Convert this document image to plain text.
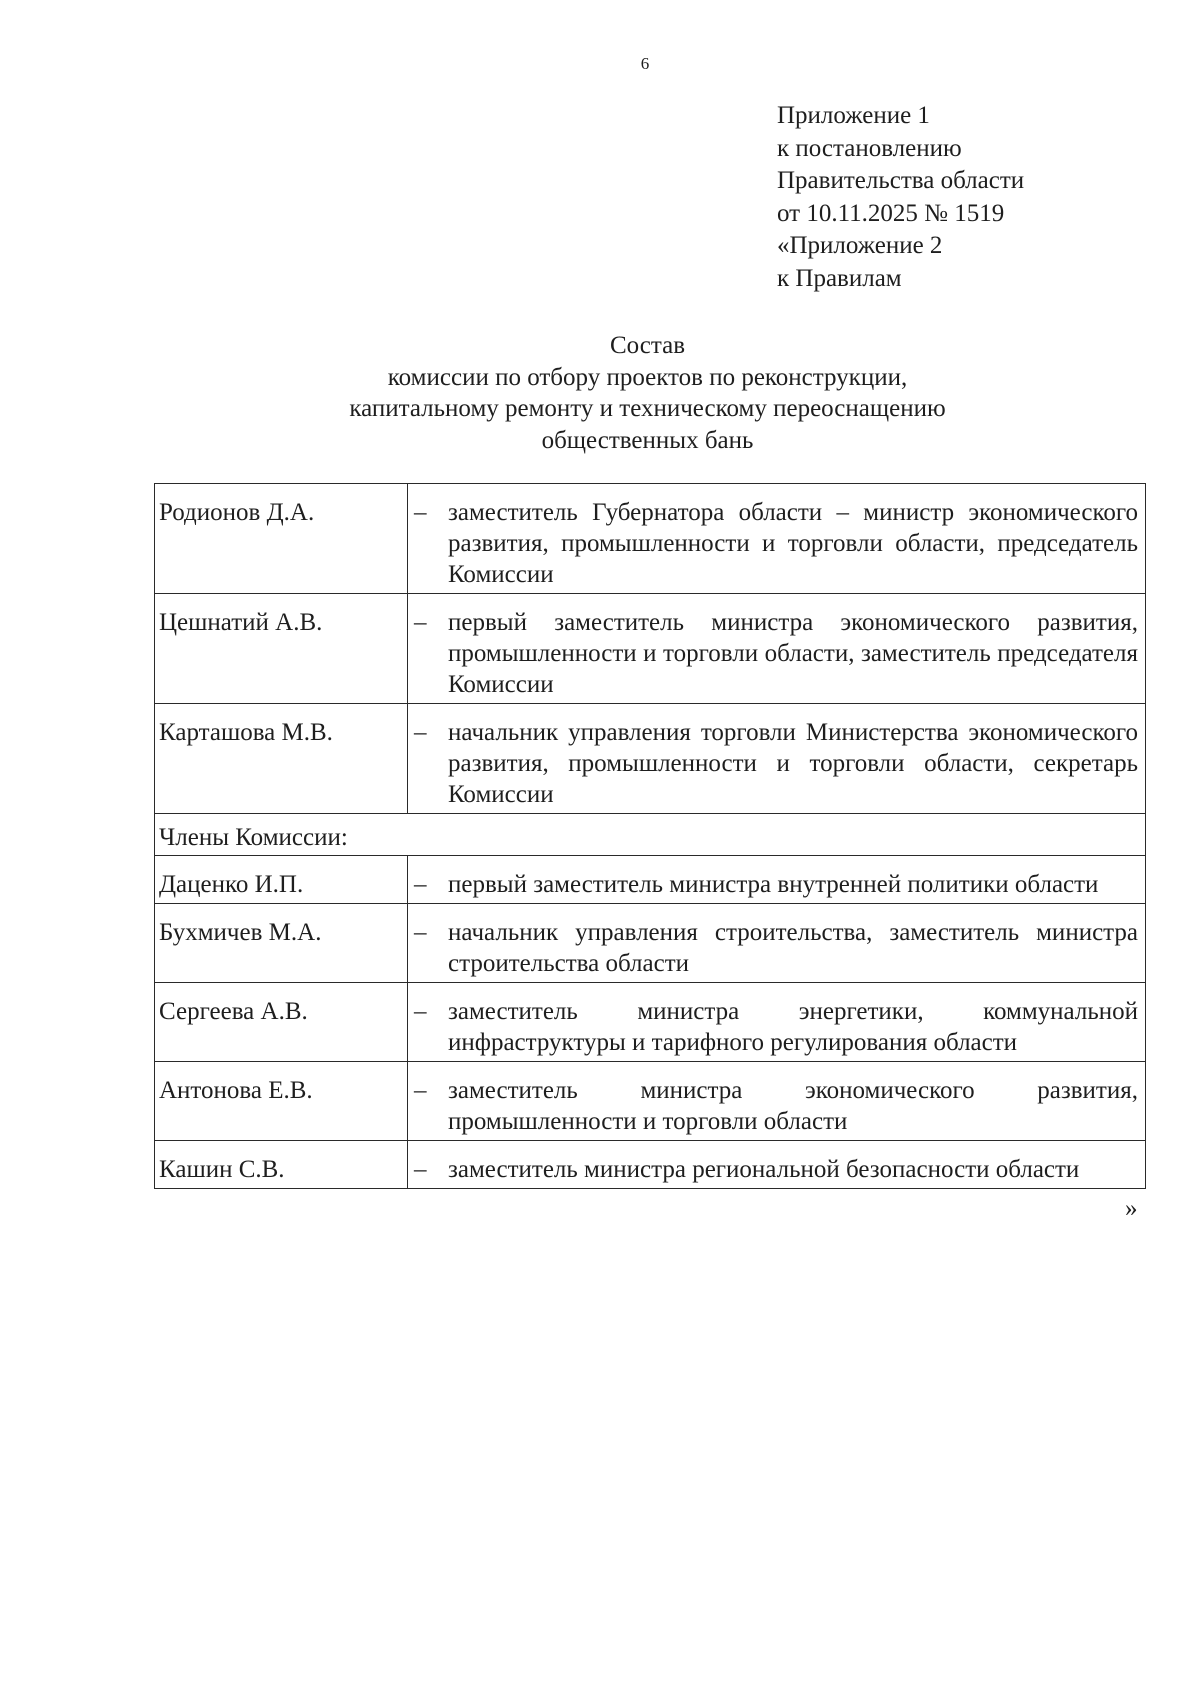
6
Приложение 1
к постановлению
Правительства области
от 10.11.2025 № 1519
«Приложение 2
к Правилам
Состав
комиссии по отбору проектов по реконструкции,
капитальному ремонту и техническому переоснащению
общественных бань
Родионов Д.А.	– заместитель Губернатора области – министр экономического развития, промышленности и торговли области, председатель Комиссии

Цешнатий А.В.	– первый заместитель министра экономического развития, промышленности и торговли области, заместитель председателя Комиссии

Карташова М.В.	– начальник управления торговли Министерства экономического развития, промышленности и торговли области, секретарь Комиссии

Члены Комиссии:	
Даценко И.П.	– первый заместитель министра внутренней политики области

Бухмичев М.А.	– начальник управления строительства, заместитель министра строительства области

Сергеева А.В.	– заместитель министра энергетики, коммунальной инфраструктуры и тарифного регулирования области

Антонова Е.В.	– заместитель министра экономического развития, промышленности и торговли области

Кашин С.В.	– заместитель министра региональной безопасности области
»
